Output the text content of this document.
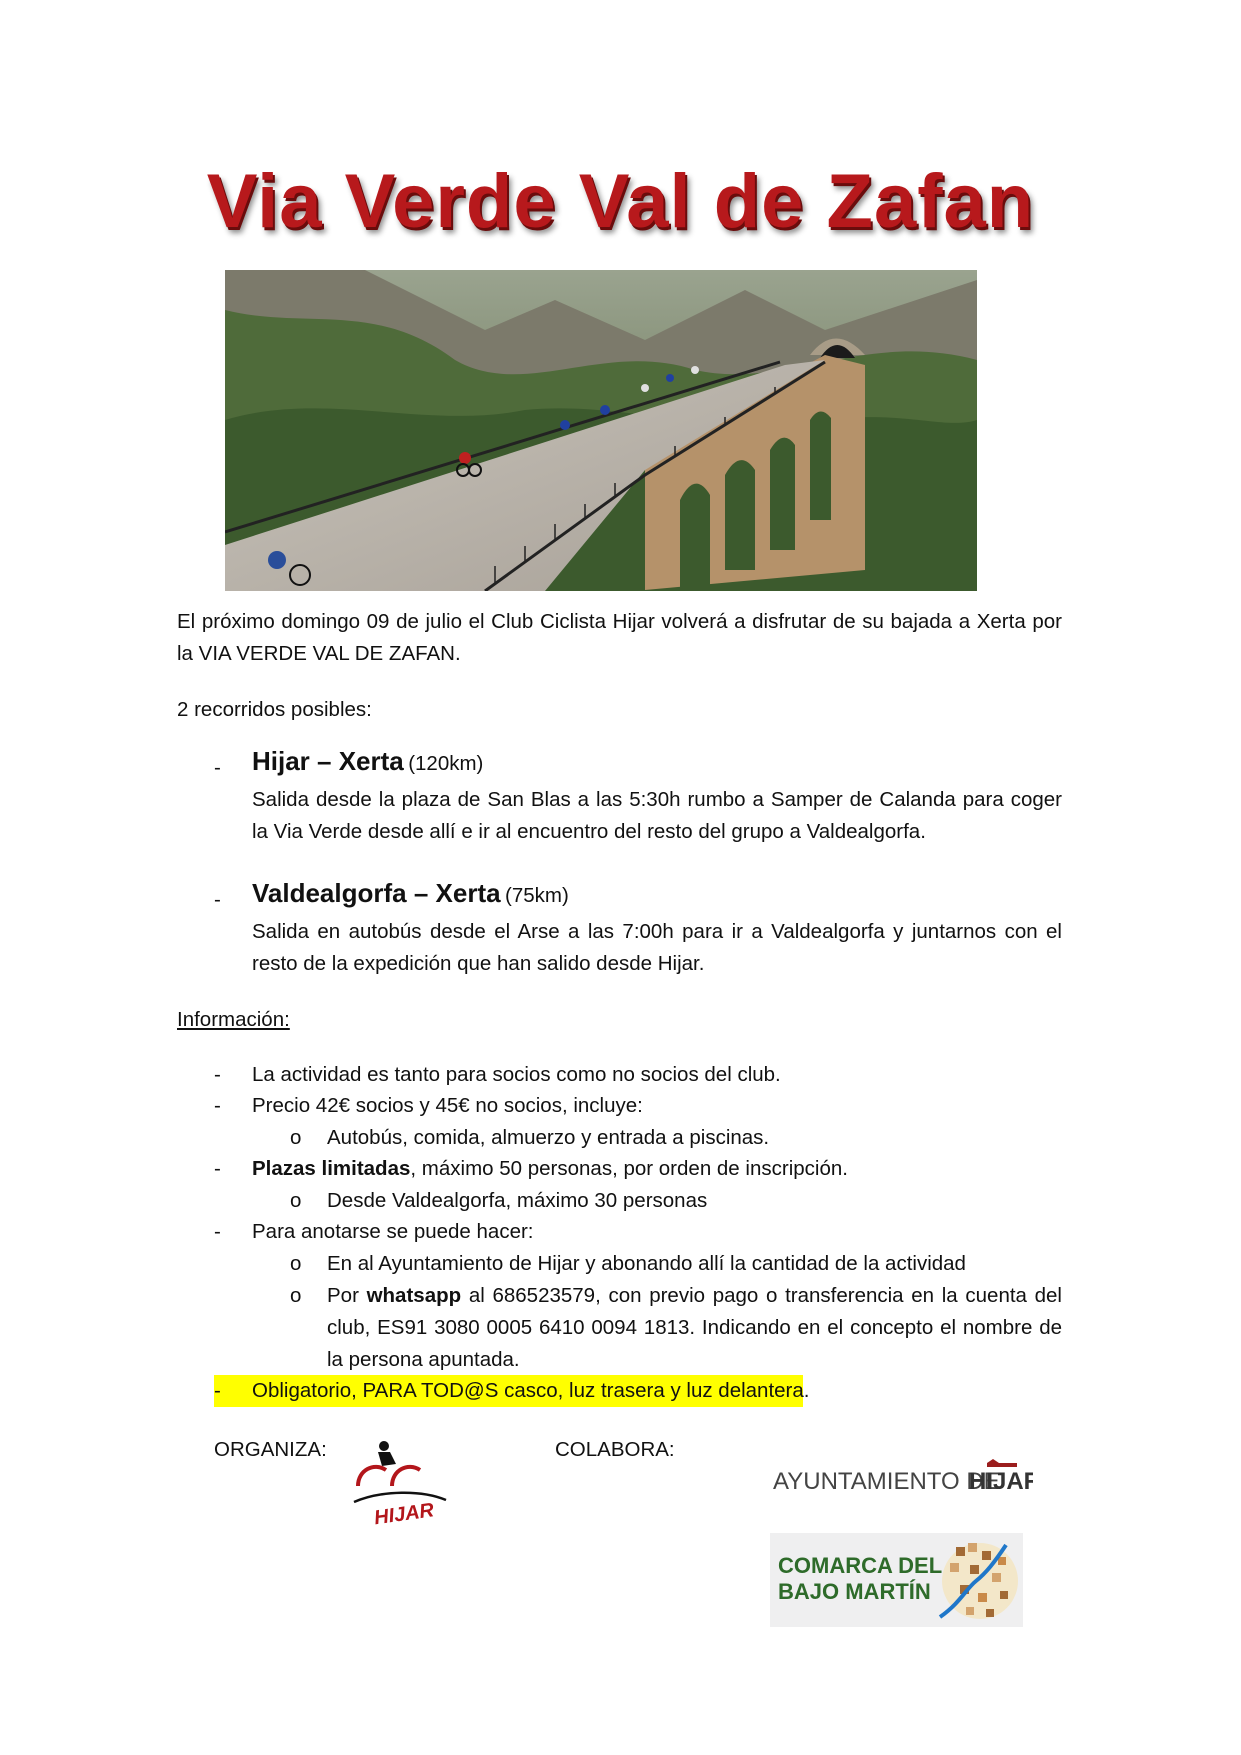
Via Verde Val de Zafan
El próximo domingo 09 de julio el Club Ciclista Hijar volverá a disfrutar de su bajada a Xerta por la VIA VERDE VAL DE ZAFAN.
2 recorridos posibles:
- Hijar – Xerta (120km)
Salida desde la plaza de San Blas a las 5:30h rumbo a Samper de Calanda para coger la Via Verde desde allí e ir al encuentro del resto del grupo a Valdealgorfa.
- Valdealgorfa – Xerta (75km)
Salida en autobús desde el Arse a las 7:00h para ir a Valdealgorfa y juntarnos con el resto de la expedición que han salido desde Hijar.
Información:
- La actividad es tanto para socios como no socios del club.
- Precio 42€ socios y 45€ no socios, incluye:
o Autobús, comida, almuerzo y entrada a piscinas.
- Plazas limitadas, máximo 50 personas, por orden de inscripción.
o Desde Valdealgorfa, máximo 30 personas
- Para anotarse se puede hacer:
o En al Ayuntamiento de Hijar y abonando allí la cantidad de la actividad
o Por whatsapp al 686523579, con previo pago o transferencia en la cuenta del club, ES91 3080 0005 6410 0094 1813. Indicando en el concepto el nombre de la persona apuntada.
- Obligatorio, PARA TOD@S casco, luz trasera y luz delantera.
ORGANIZA:	COLABORA:
HIJAR
AYUNTAMIENTO DE
HIJAR
COMARCA DEL
BAJO MARTÍN
